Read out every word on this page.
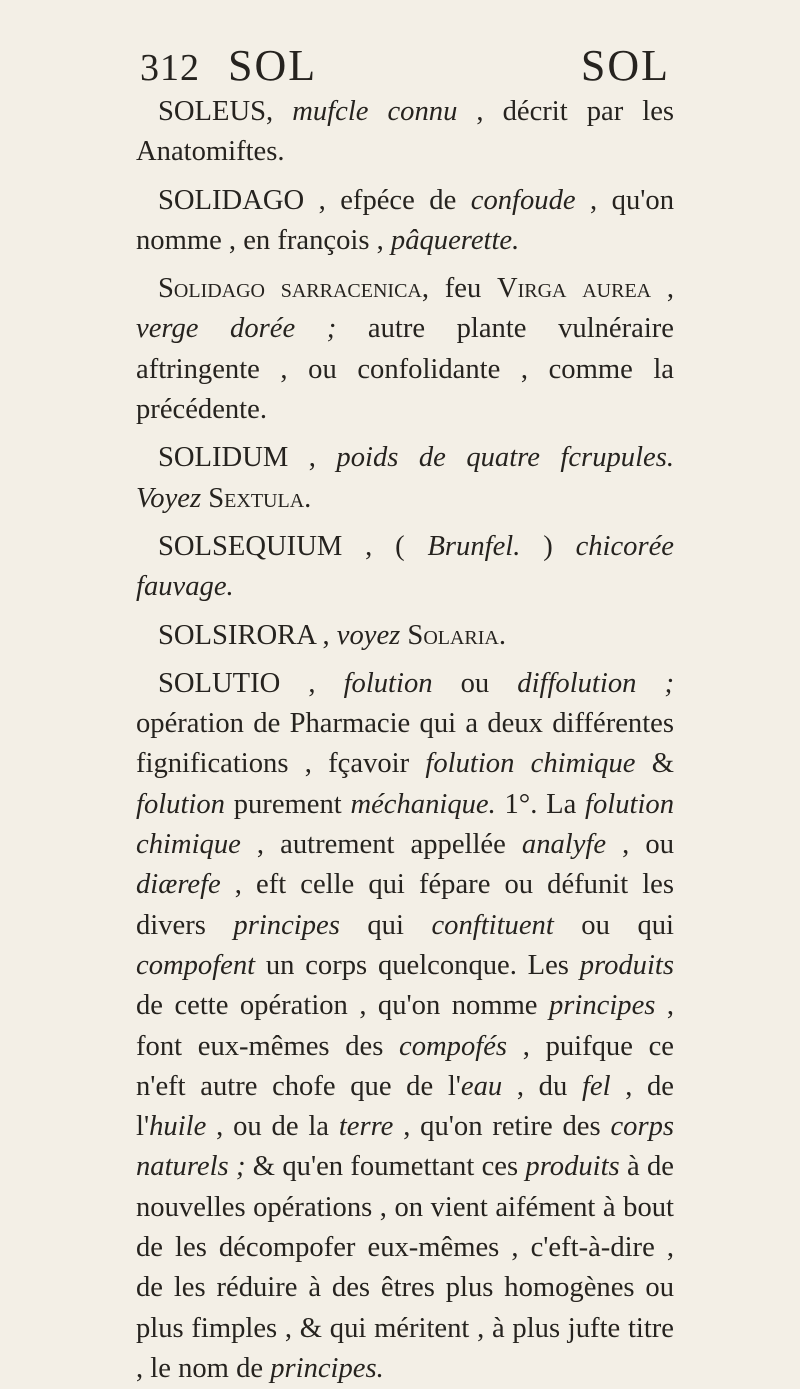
312 SOL	SOL

SOLEUS, mufcle connu , décrit par les Anatomiftes.

SOLIDAGO , efpéce de confoude , qu'on nomme , en françois , pâquerette.

Solidago sarracenica, feu Virga aurea , verge dorée ; autre plante vulnéraire aftringente , ou confolidante , comme la précédente.

SOLIDUM , poids de quatre fcrupules. Voyez Sextula.

SOLSEQUIUM , ( Brunfel. ) chicorée fauvage.

SOLSIRORA , voyez Solaria.

SOLUTIO , folution ou diffolution ; opération de Pharmacie qui a deux différentes fignifications , fçavoir folution chimique & folution purement méchanique. 1°. La folution chimique , autrement appellée analyfe , ou diærefe , eft celle qui fépare ou défunit les divers principes qui conftituent ou qui compofent un corps quelconque. Les produits de cette opération , qu'on nomme principes , font eux-mêmes des compofés , puifque ce n'eft autre chofe que de l'eau , du fel , de l'huile , ou de la terre , qu'on retire des corps naturels ; & qu'en foumettant ces produits à de nouvelles opérations , on vient aifément à bout de les décompofer eux-mêmes , c'eft-à-dire , de les réduire à des êtres plus homogènes ou plus fimples , & qui méritent , à plus jufte titre , le nom de principes.
